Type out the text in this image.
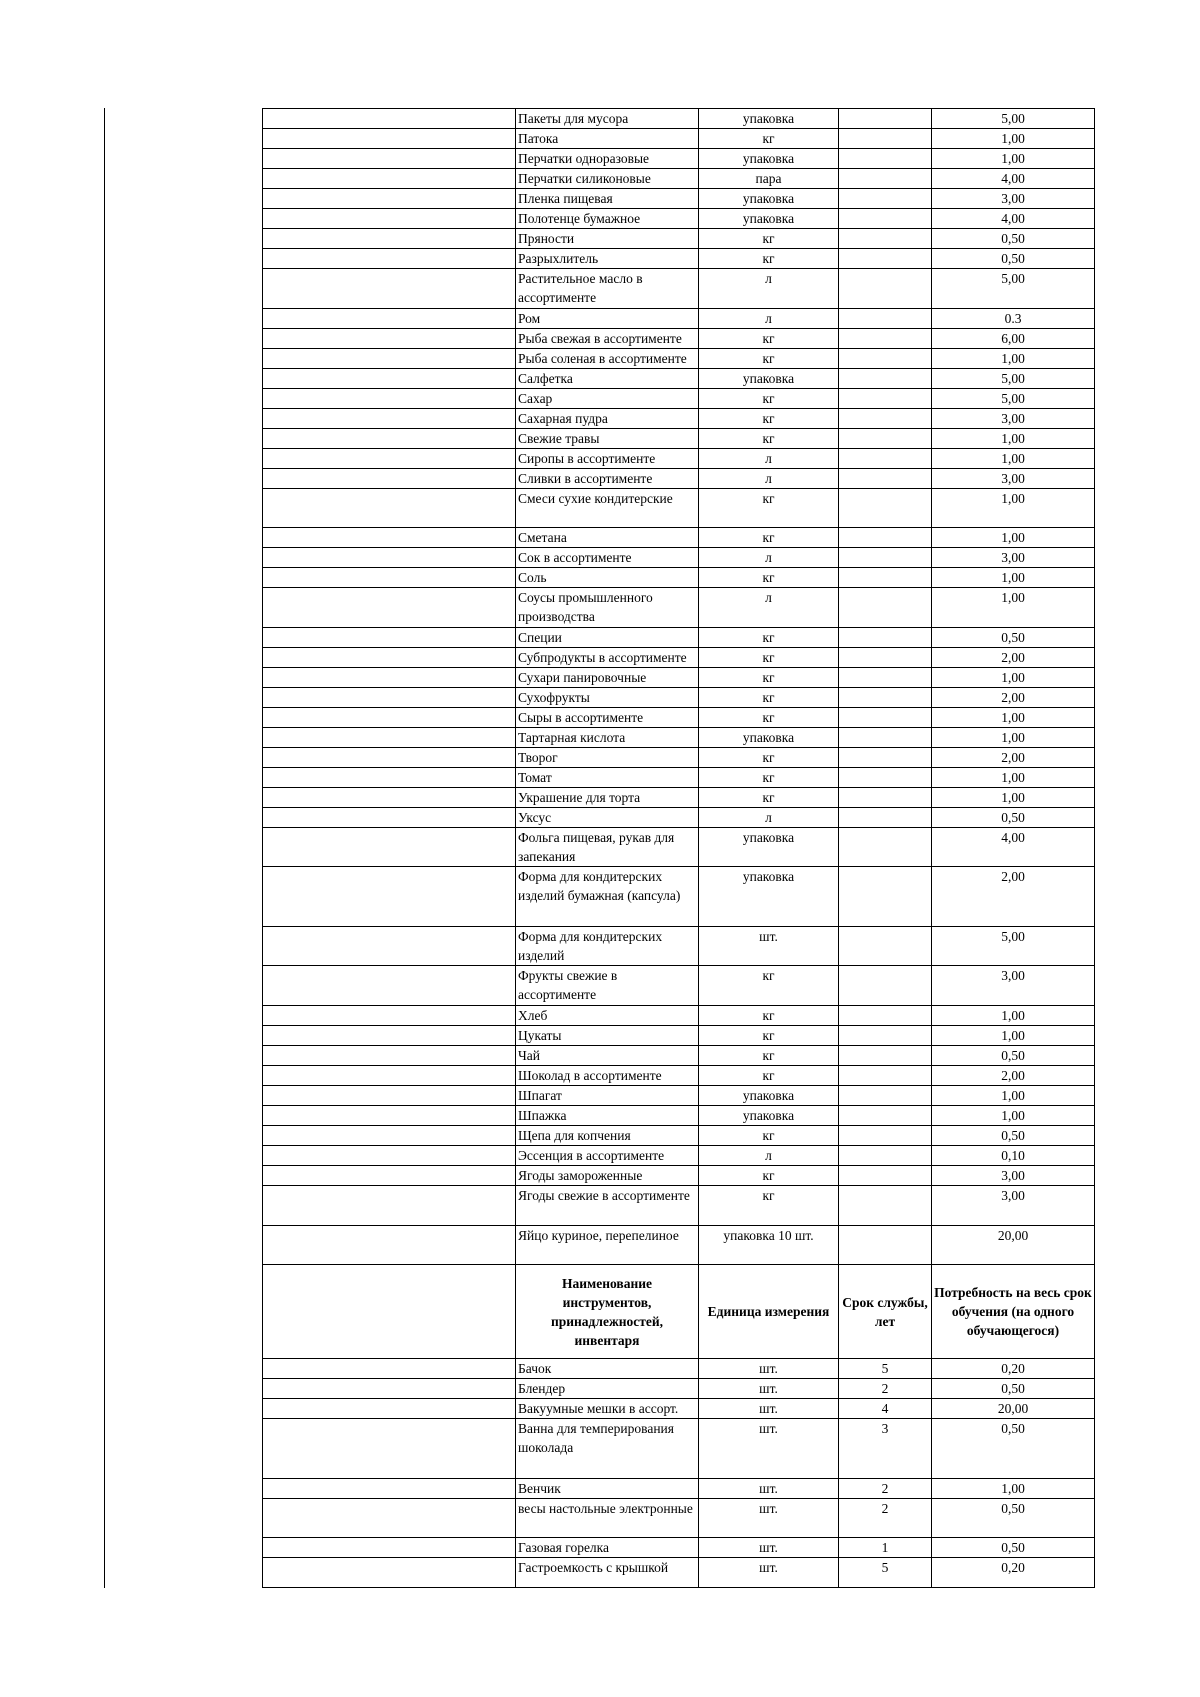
	Пакеты для мусора	упаковка		5,00
	Патока	кг		1,00
	Перчатки одноразовые	упаковка		1,00
	Перчатки силиконовые	пара		4,00
	Пленка пищевая	упаковка		3,00
	Полотенце бумажное	упаковка		4,00
	Пряности	кг		0,50
	Разрыхлитель	кг		0,50
	Растительное масло в ассортименте	л		5,00
	Ром	л		0.3
	Рыба свежая в ассортименте	кг		6,00
	Рыба соленая в ассортименте	кг		1,00
	Салфетка	упаковка		5,00
	Сахар	кг		5,00
	Сахарная пудра	кг		3,00
	Свежие травы	кг		1,00
	Сиропы в ассортименте	л		1,00
	Сливки в ассортименте	л		3,00
	Смеси сухие кондитерские	кг		1,00
	Сметана	кг		1,00
	Сок в ассортименте	л		3,00
	Соль	кг		1,00
	Соусы промышленного производства	л		1,00
	Специи	кг		0,50
	Субпродукты в ассортименте	кг		2,00
	Сухари панировочные	кг		1,00
	Сухофрукты	кг		2,00
	Сыры в ассортименте	кг		1,00
	Тартарная кислота	упаковка		1,00
	Творог	кг		2,00
	Томат	кг		1,00
	Украшение для торта	кг		1,00
	Уксус	л		0,50
	Фольга пищевая, рукав для запекания	упаковка		4,00
	Форма для кондитерских изделий бумажная (капсула)	упаковка		2,00
	Форма для кондитерских изделий	шт.		5,00
	Фрукты свежие в ассортименте	кг		3,00
	Хлеб	кг		1,00
	Цукаты	кг		1,00
	Чай	кг		0,50
	Шоколад в ассортименте	кг		2,00
	Шпагат	упаковка		1,00
	Шпажка	упаковка		1,00
	Щепа для копчения	кг		0,50
	Эссенция в ассортименте	л		0,10
	Ягоды замороженные	кг		3,00
	Ягоды свежие в ассортименте	кг		3,00
	Яйцо куриное, перепелиное	упаковка 10 шт.		20,00
	Наименование инструментов, принадлежностей, инвентаря	Единица измерения	Срок службы, лет	Потребность на весь срок обучения (на одного обучающегося)
	Бачок	шт.	5	0,20
	Блендер	шт.	2	0,50
	Вакуумные мешки в ассорт.	шт.	4	20,00
	Ванна для темперирования шоколада	шт.	3	0,50
	Венчик	шт.	2	1,00
	весы настольные электронные	шт.	2	0,50
	Газовая горелка	шт.	1	0,50
	Гастроемкость с крышкой	шт.	5	0,20
